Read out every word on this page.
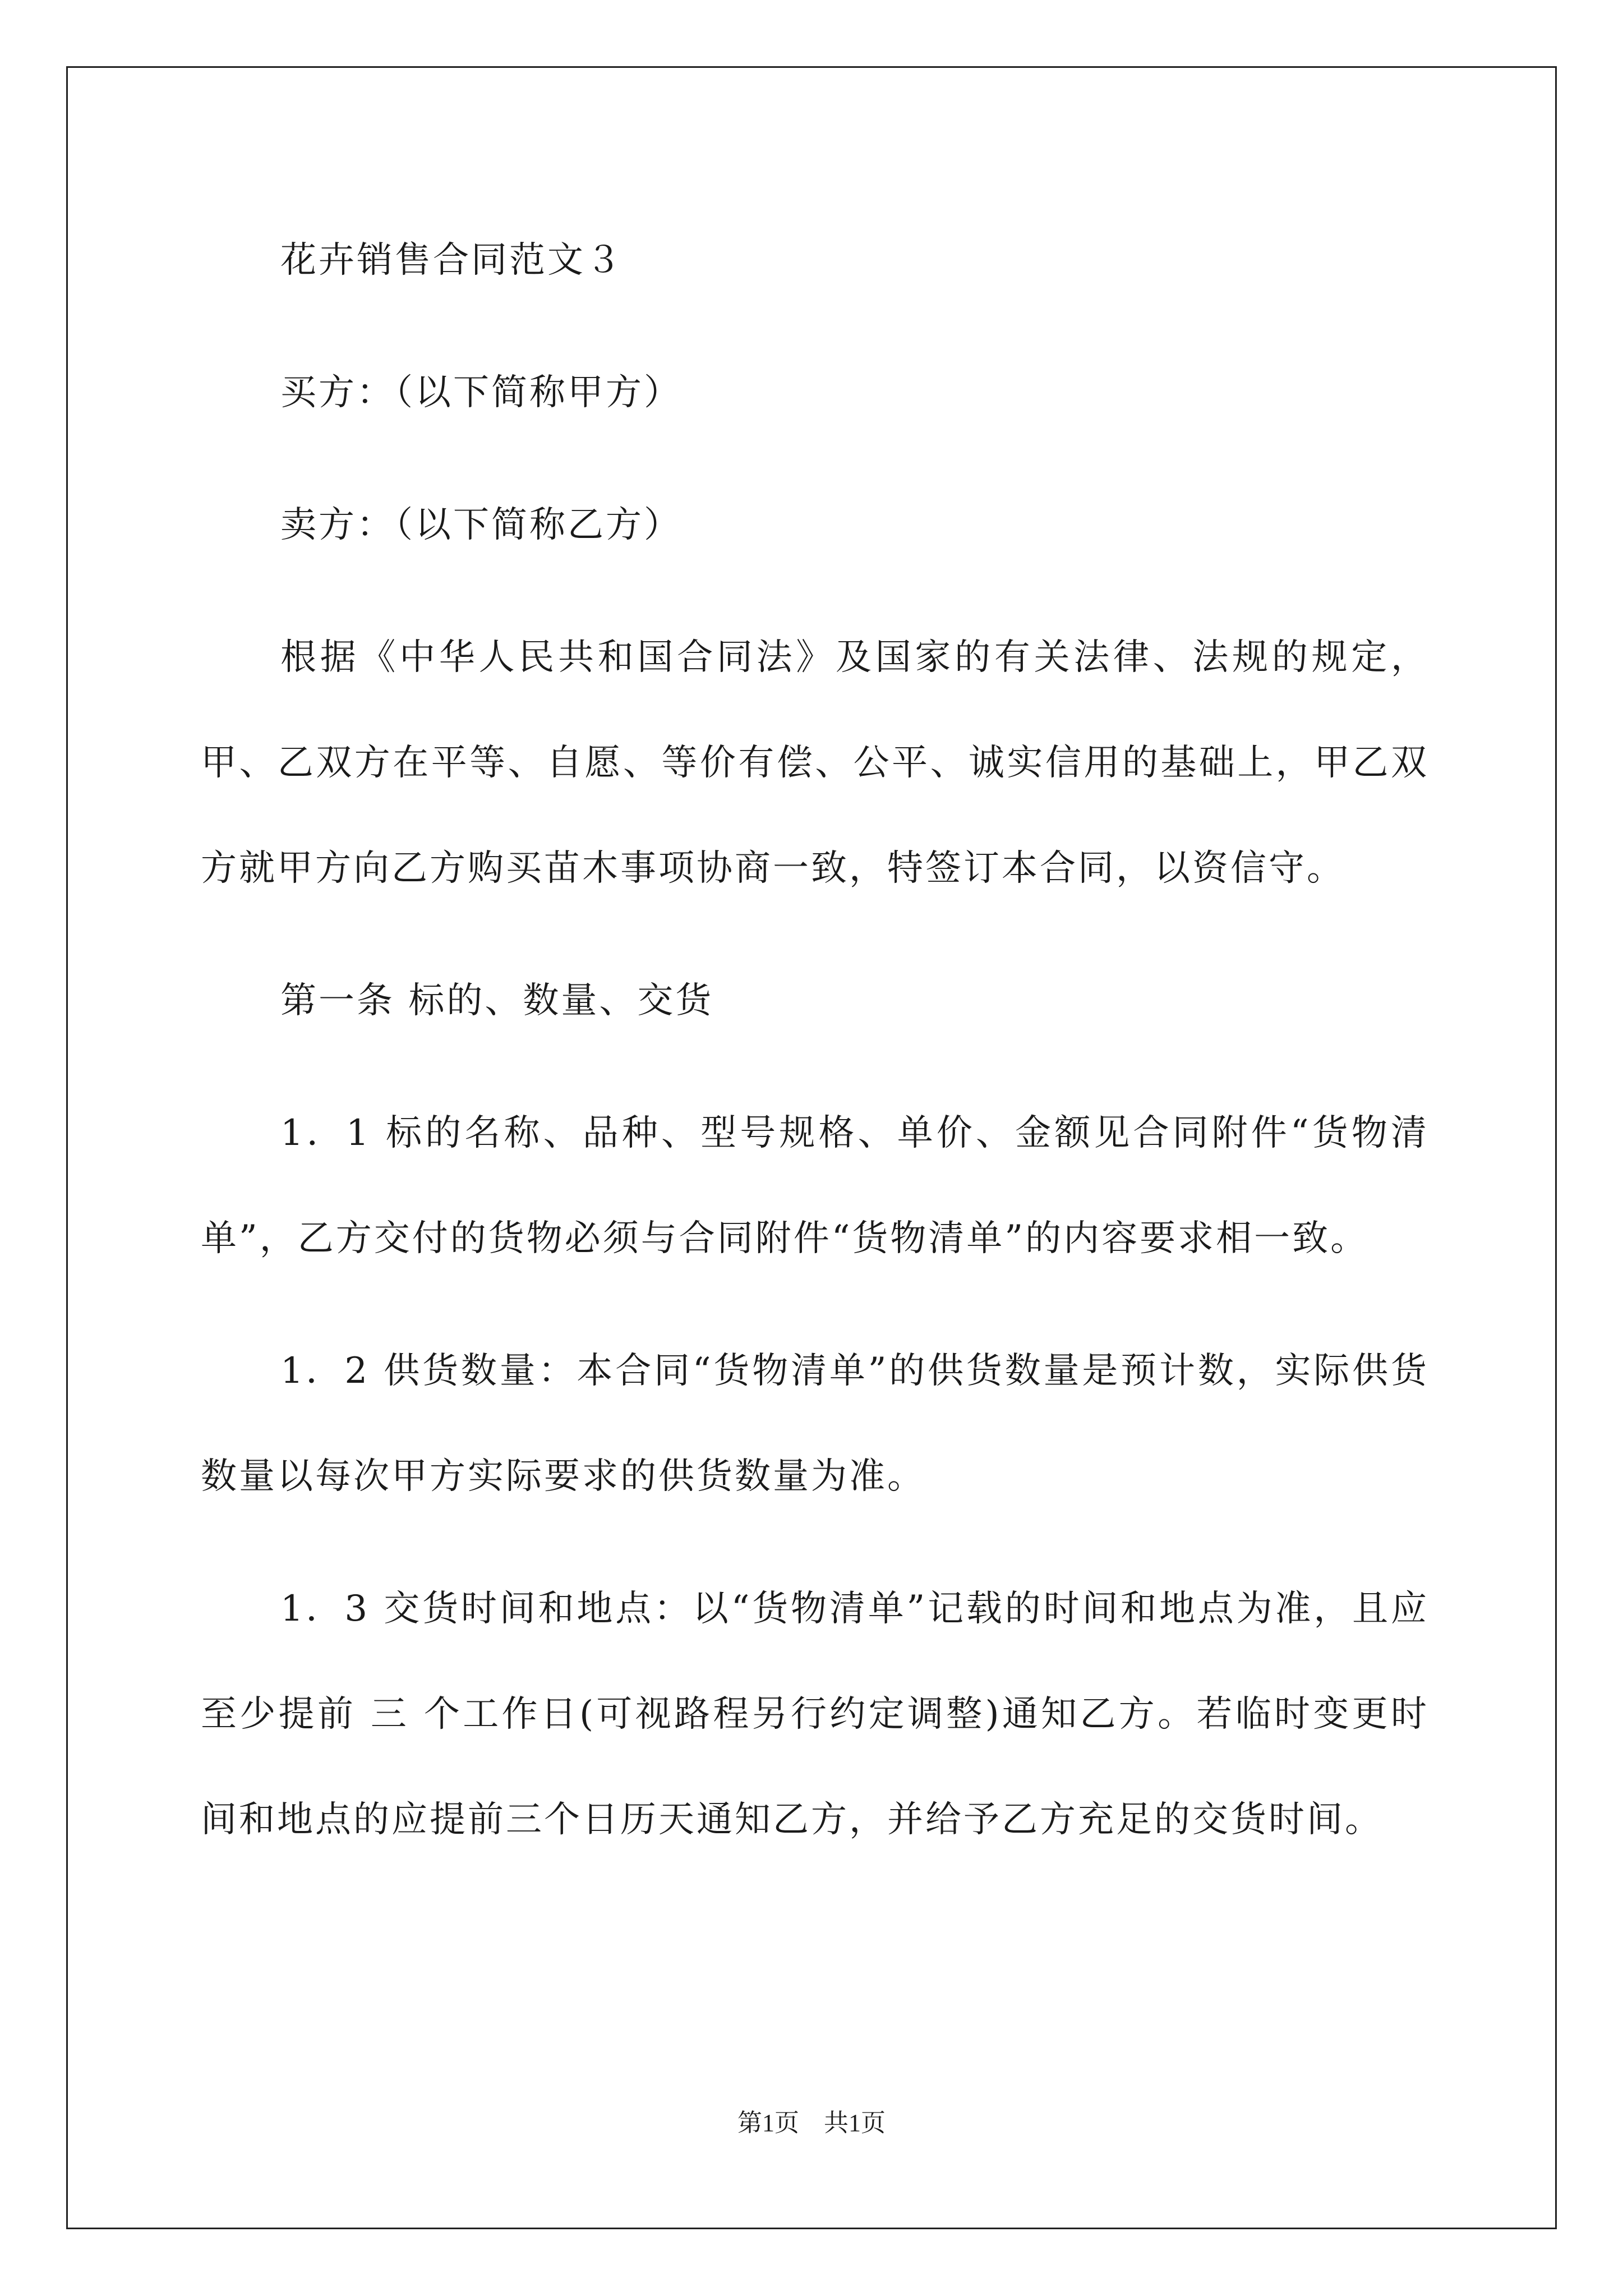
花卉销售合同范文３

买方：（以下简称甲方）

卖方：（以下简称乙方）

根据《中华人民共和国合同法》及国家的有关法律、法规的规定，甲、乙双方在平等、自愿、等价有偿、公平、诚实信用的基础上，甲乙双方就甲方向乙方购买苗木事项协商一致，特签订本合同，以资信守。

第一条 标的、数量、交货

1．1 标的名称、品种、型号规格、单价、金额见合同附件“货物清单”，乙方交付的货物必须与合同附件“货物清单”的内容要求相一致。

1．2 供货数量：本合同“货物清单”的供货数量是预计数，实际供货数量以每次甲方实际要求的供货数量为准。

1．3 交货时间和地点：以“货物清单”记载的时间和地点为准，且应至少提前 三 个工作日(可视路程另行约定调整)通知乙方。若临时变更时间和地点的应提前三个日历天通知乙方，并给予乙方充足的交货时间。

第1页　共1页
